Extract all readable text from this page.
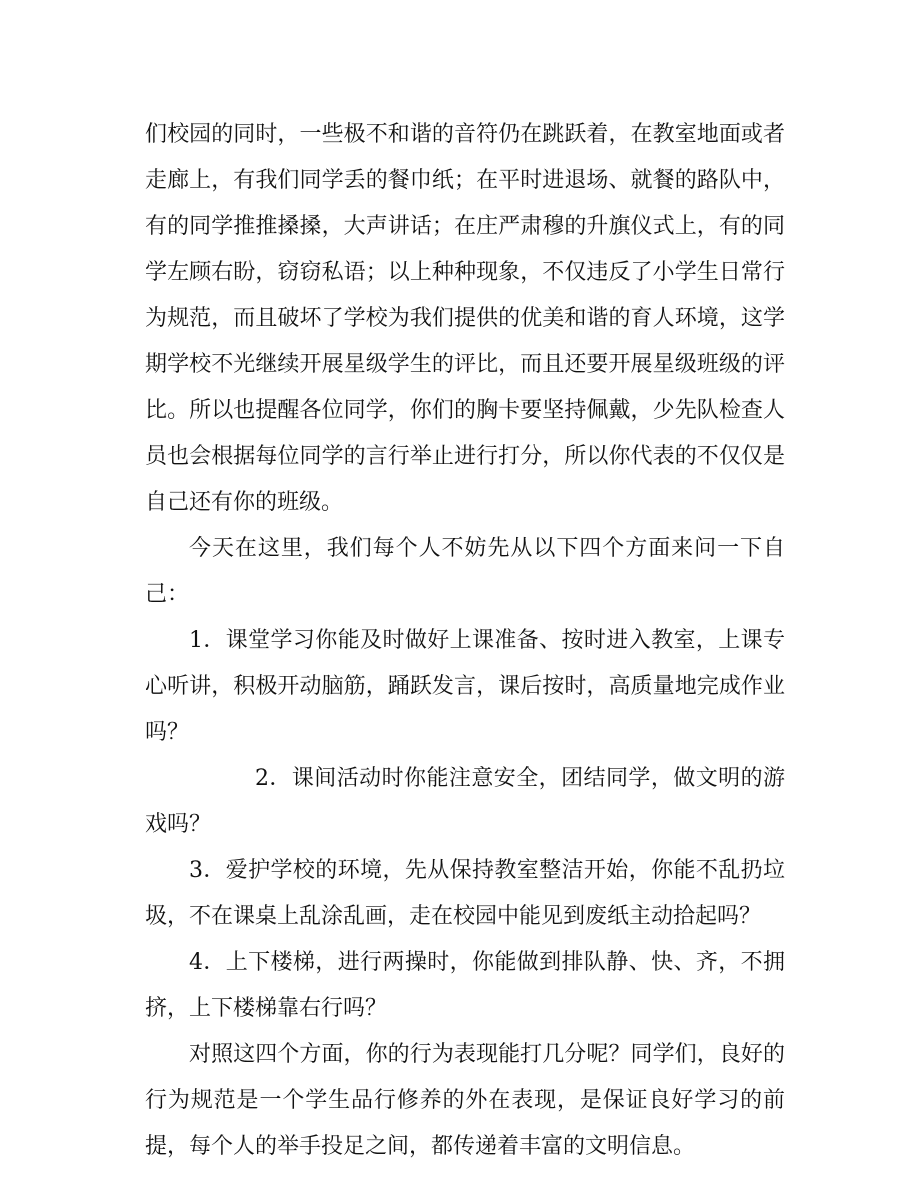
们校园的同时，一些极不和谐的音符仍在跳跃着，在教室地面或者走廊上，有我们同学丢的餐巾纸；在平时进退场、就餐的路队中，有的同学推推搡搡，大声讲话；在庄严肃穆的升旗仪式上，有的同学左顾右盼，窃窃私语；以上种种现象，不仅违反了小学生日常行为规范，而且破坏了学校为我们提供的优美和谐的育人环境，这学期学校不光继续开展星级学生的评比，而且还要开展星级班级的评比。所以也提醒各位同学，你们的胸卡要坚持佩戴，少先队检查人员也会根据每位同学的言行举止进行打分，所以你代表的不仅仅是自己还有你的班级。

今天在这里，我们每个人不妨先从以下四个方面来问一下自己：

1．课堂学习你能及时做好上课准备、按时进入教室，上课专心听讲，积极开动脑筋，踊跃发言，课后按时，高质量地完成作业吗？

2．课间活动时你能注意安全，团结同学，做文明的游戏吗？

3．爱护学校的环境，先从保持教室整洁开始，你能不乱扔垃圾，不在课桌上乱涂乱画，走在校园中能见到废纸主动拾起吗？

4．上下楼梯，进行两操时，你能做到排队静、快、齐，不拥挤，上下楼梯靠右行吗？

对照这四个方面，你的行为表现能打几分呢？同学们，良好的行为规范是一个学生品行修养的外在表现，是保证良好学习的前提，每个人的举手投足之间，都传递着丰富的文明信息。
